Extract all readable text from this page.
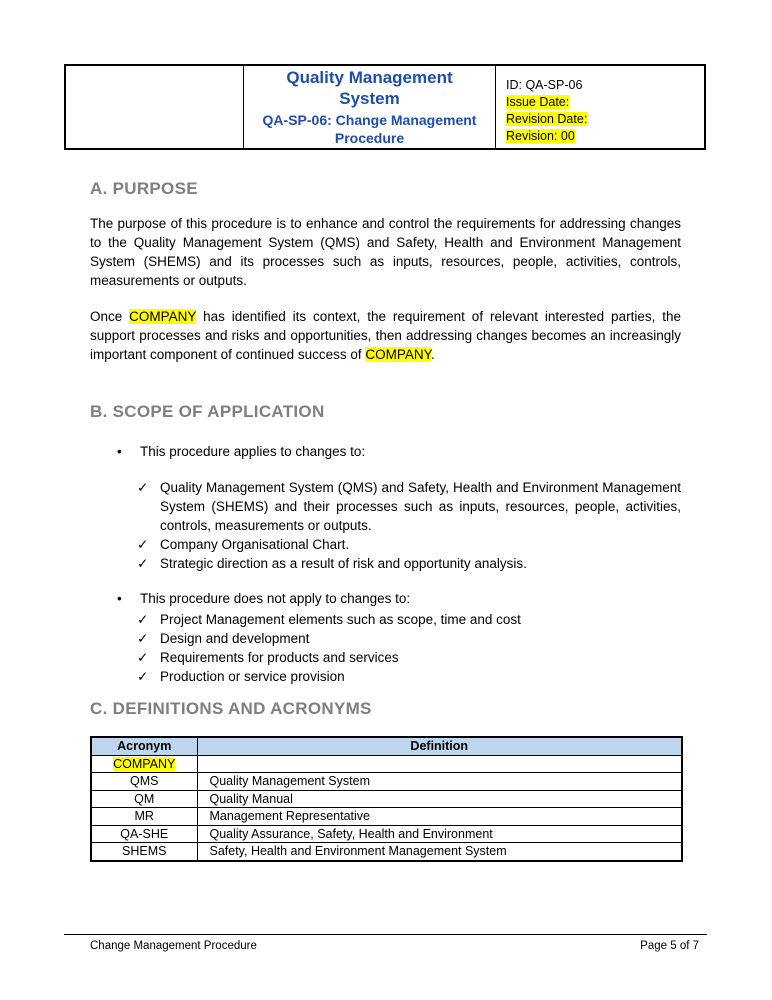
Quality Management System
QA-SP-06: Change Management Procedure
ID: QA-SP-06
Issue Date:
Revision Date:
Revision: 00
A. PURPOSE

The purpose of this procedure is to enhance and control the requirements for addressing changes to the Quality Management System (QMS) and Safety, Health and Environment Management System (SHEMS) and its processes such as inputs, resources, people, activities, controls, measurements or outputs.

Once COMPANY has identified its context, the requirement of relevant interested parties, the support processes and risks and opportunities, then addressing changes becomes an increasingly important component of continued success of COMPANY.

B. SCOPE OF APPLICATION
•	This procedure applies to changes to:
✓ Quality Management System (QMS) and Safety, Health and Environment Management System (SHEMS) and their processes such as inputs, resources, people, activities, controls, measurements or outputs.
✓ Company Organisational Chart.
✓ Strategic direction as a result of risk and opportunity analysis.
•	This procedure does not apply to changes to:
✓ Project Management elements such as scope, time and cost
✓ Design and development
✓ Requirements for products and services
✓ Production or service provision
C. DEFINITIONS AND ACRONYMS
Acronym	Definition
COMPANY	
QMS	Quality Management System
QM	Quality Manual
MR	Management Representative
QA-SHE	Quality Assurance, Safety, Health and Environment
SHEMS	Safety, Health and Environment Management System
Change Management Procedure	Page 5 of 7
